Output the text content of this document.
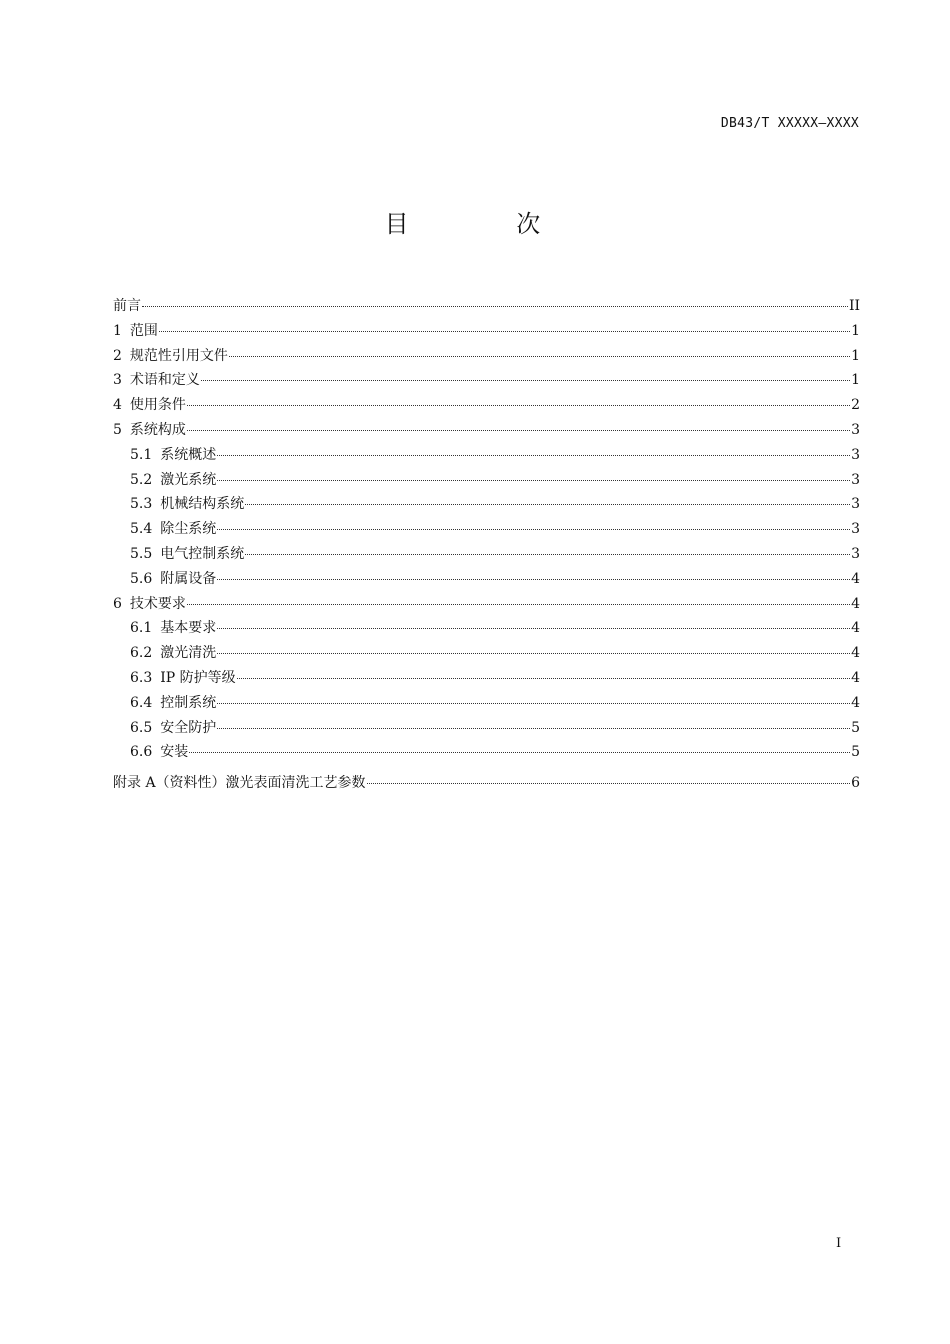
DB43/T XXXXX—XXXX
目 次
前言	II
1 范围	1
2 规范性引用文件	1
3 术语和定义	1
4 使用条件	2
5 系统构成	3
5.1 系统概述	3
5.2 激光系统	3
5.3 机械结构系统	3
5.4 除尘系统	3
5.5 电气控制系统	3
5.6 附属设备	4
6 技术要求	4
6.1 基本要求	4
6.2 激光清洗	4
6.3 IP 防护等级	4
6.4 控制系统	4
6.5 安全防护	5
6.6 安装	5
附录 A（资料性）激光表面清洗工艺参数	6
I
